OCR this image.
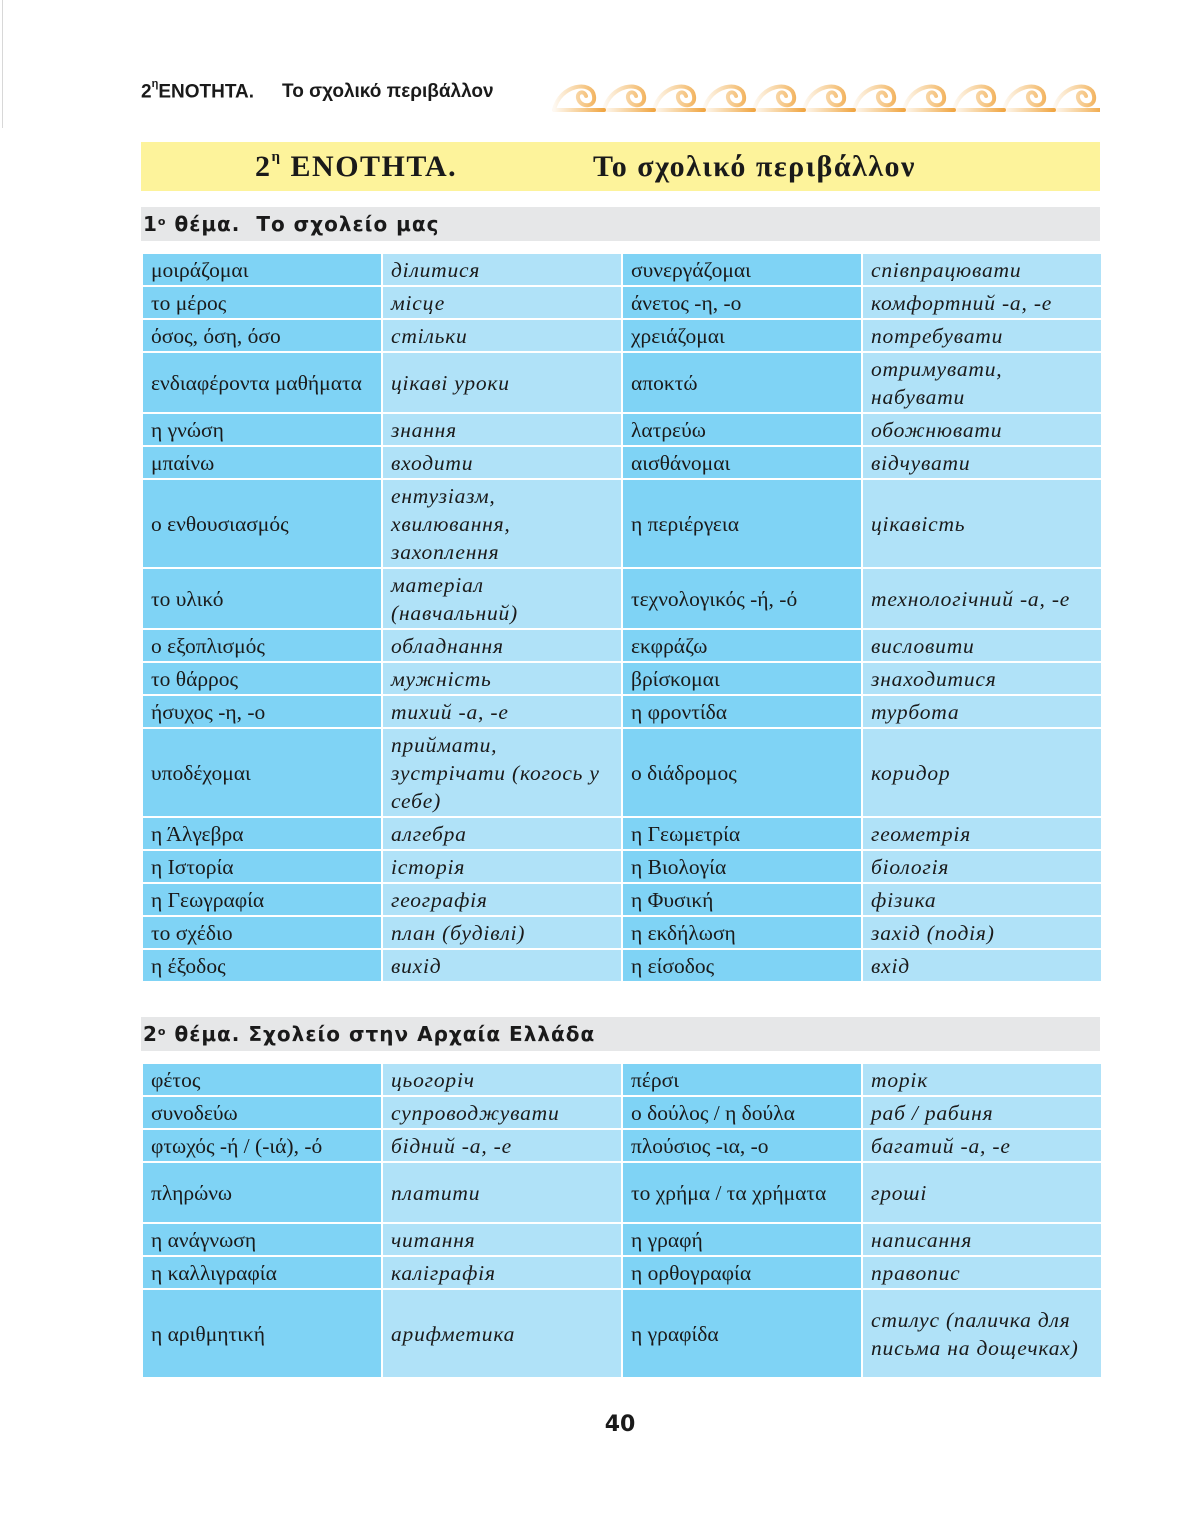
$2^\eta ENOTHTA$. Το σχολικό περιβάλλον
$2^\eta$ ΕΝΟΤΗΤΑ.	Το σχολικό περιβάλλον
$1^o$
θέμα.
Το σχολείο μας
μοιράζομαι	ділитися	συνεργάζομαι	співпрацювати
το μέρος	місце	άνετος -η, -ο	комфортний -а, -е
όσος, όση, όσο	стільки	χρειάζομαι	потребувати
ενδιαφέροντα μαθήματα	цікаві уроки	αποκτώ	отримувати, набувати
η γνώση	знання	λατρεύω	обожнювати
μπαίνω	входити	αισθάνομαι	відчувати
ο ενθουσιασμός	ентузіазм, хвилювання, захоплення	η περιέργεια	цікавість
το υλικό	матеріал (навчальний)	τεχνολογικός -ή, -ό	технологічний -а, -е
ο εξοπλισμός	обладнання	εκφράζω	висловити
το θάρρος	мужність	βρίσκομαι	знаходитися
ήσυχος -η, -ο	тихий -а, -е	η φροντίδα	турбота
υποδέχομαι	приймати, зустрічати (когось у себе)	ο διάδρομος	коридор
η Άλγεβρα	алгебра	η Γεωμετρία	геометрія
η Ιστορία	історія	η Βιολογία	біологія
η Γεωγραφία	географія	η Φυσική	фізика
το σχέδιο	план (будівлі)	η εκδήλωση	захід (подія)
η έξοδος	вихід	η είσοδος	вхід
$2^o$
θέμα.
Σχολείο στην Αρχαία Ελλάδα
φέτος	цьогоріч	πέρσι	торік
συνοδεύω	супроводжувати	ο δούλος / η δούλα	раб / рабиня
φτωχός -ή / (-ιά), -ό	бідний -а, -е	πλούσιος -ια, -ο	багатий -а, -е
πληρώνω	платити	το χρήμα / τα χρήματα	гроші
η ανάγνωση	читання	η γραφή	написання
η καλλιγραφία	каліграфія	η ορθογραφία	правопис
η αριθμητική	арифметика	η γραφίδα	стилус (паличка для письма на дощечках)
40
